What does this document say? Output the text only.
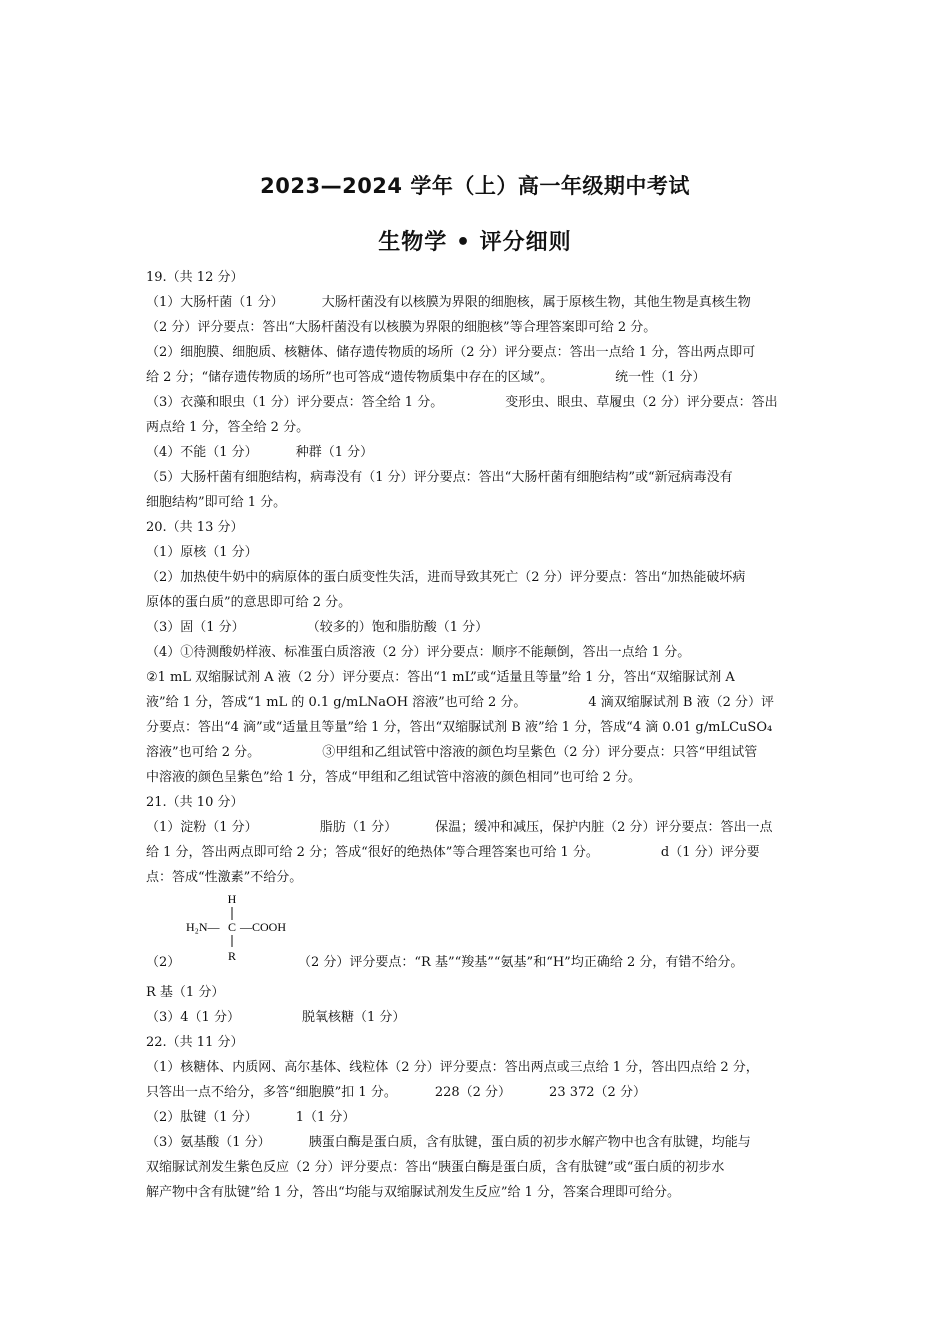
2023—2024 学年（上）高一年级期中考试
生物学 • 评分细则
19.（共 12 分）
（1）大肠杆菌（1 分）	大肠杆菌没有以核膜为界限的细胞核，属于原核生物，其他生物是真核生物
（2 分）评分要点：答出“大肠杆菌没有以核膜为界限的细胞核”等合理答案即可给 2 分。
（2）细胞膜、细胞质、核糖体、储存遗传物质的场所（2 分）评分要点：答出一点给 1 分，答出两点即可
给 2 分；“储存遗传物质的场所”也可答成“遗传物质集中存在的区域”。	统一性（1 分）
（3）衣藻和眼虫（1 分）评分要点：答全给 1 分。	变形虫、眼虫、草履虫（2 分）评分要点：答出
两点给 1 分，答全给 2 分。
（4）不能（1 分）	种群（1 分）
（5）大肠杆菌有细胞结构，病毒没有（1 分）评分要点：答出“大肠杆菌有细胞结构”或“新冠病毒没有
细胞结构”即可给 1 分。
20.（共 13 分）
（1）原核（1 分）
（2）加热使牛奶中的病原体的蛋白质变性失活，进而导致其死亡（2 分）评分要点：答出“加热能破坏病
原体的蛋白质”的意思即可给 2 分。
（3）固（1 分）	（较多的）饱和脂肪酸（1 分）
（4）①待测酸奶样液、标准蛋白质溶液（2 分）评分要点：顺序不能颠倒，答出一点给 1 分。
②1 mL 双缩脲试剂 A 液（2 分）评分要点：答出“1 mL”或“适量且等量”给 1 分，答出“双缩脲试剂 A
液”给 1 分，答成“1 mL 的 0.1 g/mLNaOH 溶液”也可给 2 分。	4 滴双缩脲试剂 B 液（2 分）评
分要点：答出“4 滴”或“适量且等量”给 1 分，答出“双缩脲试剂 B 液”给 1 分，答成“4 滴 0.01 g/mLCuSO₄
溶液”也可给 2 分。	③甲组和乙组试管中溶液的颜色均呈紫色（2 分）评分要点：只答“甲组试管
中溶液的颜色呈紫色”给 1 分，答成“甲组和乙组试管中溶液的颜色相同”也可给 2 分。
21.（共 10 分）
（1）淀粉（1 分）	脂肪（1 分）	保温；缓冲和减压，保护内脏（2 分）评分要点：答出一点
给 1 分，答出两点即可给 2 分；答成“很好的绝热体”等合理答案也可给 1 分。	d（1 分）评分要
点：答成“性激素”不给分。
（2）
H
H₂N— C —COOH
R	（2 分）评分要点：“R 基”“羧基”“氨基”和“H”均正确给 2 分，有错不给分。
R 基（1 分）
（3）4（1 分）	脱氧核糖（1 分）
22.（共 11 分）
（1）核糖体、内质网、高尔基体、线粒体（2 分）评分要点：答出两点或三点给 1 分，答出四点给 2 分，
只答出一点不给分，多答“细胞膜”扣 1 分。	228（2 分）	23 372（2 分）
（2）肽键（1 分）	1（1 分）
（3）氨基酸（1 分）	胰蛋白酶是蛋白质，含有肽键，蛋白质的初步水解产物中也含有肽键，均能与
双缩脲试剂发生紫色反应（2 分）评分要点：答出“胰蛋白酶是蛋白质，含有肽键”或“蛋白质的初步水
解产物中含有肽键”给 1 分，答出“均能与双缩脲试剂发生反应”给 1 分，答案合理即可给分。
